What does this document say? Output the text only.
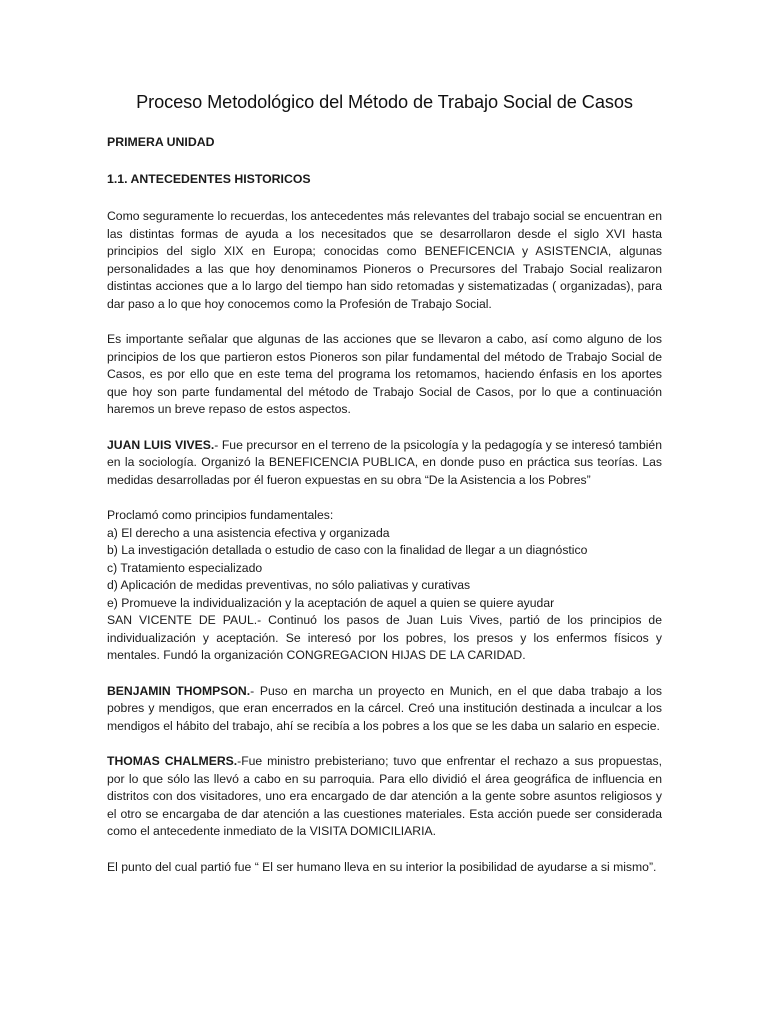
Proceso Metodológico del Método de Trabajo Social de Casos
PRIMERA UNIDAD
1.1. ANTECEDENTES HISTORICOS

Como seguramente lo recuerdas, los antecedentes más relevantes del trabajo social se encuentran en las distintas formas de ayuda a los necesitados que se desarrollaron desde el siglo XVI hasta principios del siglo XIX en Europa; conocidas como BENEFICENCIA y ASISTENCIA, algunas personalidades a las que hoy denominamos Pioneros o Precursores del Trabajo Social realizaron distintas acciones que a lo largo del tiempo han sido retomadas y sistematizadas ( organizadas), para dar paso a lo que hoy conocemos como la Profesión de Trabajo Social.

Es importante señalar que algunas de las acciones que se llevaron a cabo, así como alguno de los principios de los que partieron estos Pioneros son pilar fundamental del método de Trabajo Social de Casos, es por ello que en este tema del programa los retomamos, haciendo énfasis en los aportes que hoy son parte fundamental del método de Trabajo Social de Casos, por lo que a continuación haremos un breve repaso de estos aspectos.

JUAN LUIS VIVES.- Fue precursor en el terreno de la psicología y la pedagogía y se interesó también en la sociología. Organizó la BENEFICENCIA PUBLICA, en donde puso en práctica sus teorías. Las medidas desarrolladas por él fueron expuestas en su obra “De la Asistencia a los Pobres”

Proclamó como principios fundamentales:

a) El derecho a una asistencia efectiva y organizada
b) La investigación detallada o estudio de caso con la finalidad de llegar a un diagnóstico
c) Tratamiento especializado
d) Aplicación de medidas preventivas, no sólo paliativas y curativas
e) Promueve la individualización y la aceptación de aquel a quien se quiere ayudar

SAN VICENTE DE PAUL.- Continuó los pasos de Juan Luis Vives, partió de los principios de individualización y aceptación. Se interesó por los pobres, los presos y los enfermos físicos y mentales. Fundó la organización CONGREGACION HIJAS DE LA CARIDAD.

BENJAMIN THOMPSON.- Puso en marcha un proyecto en Munich, en el que daba trabajo a los pobres y mendigos, que eran encerrados en la cárcel. Creó una institución destinada a inculcar a los mendigos el hábito del trabajo, ahí se recibía a los pobres a los que se les daba un salario en especie.

THOMAS CHALMERS.-Fue ministro prebisteriano; tuvo que enfrentar el rechazo a sus propuestas, por lo que sólo las llevó a cabo en su parroquia. Para ello dividió el área geográfica de influencia en distritos con dos visitadores, uno era encargado de dar atención a la gente sobre asuntos religiosos y el otro se encargaba de dar atención a las cuestiones materiales. Esta acción puede ser considerada como el antecedente inmediato de la VISITA DOMICILIARIA.

El punto del cual partió fue “ El ser humano lleva en su interior la posibilidad de ayudarse a si mismo”.
